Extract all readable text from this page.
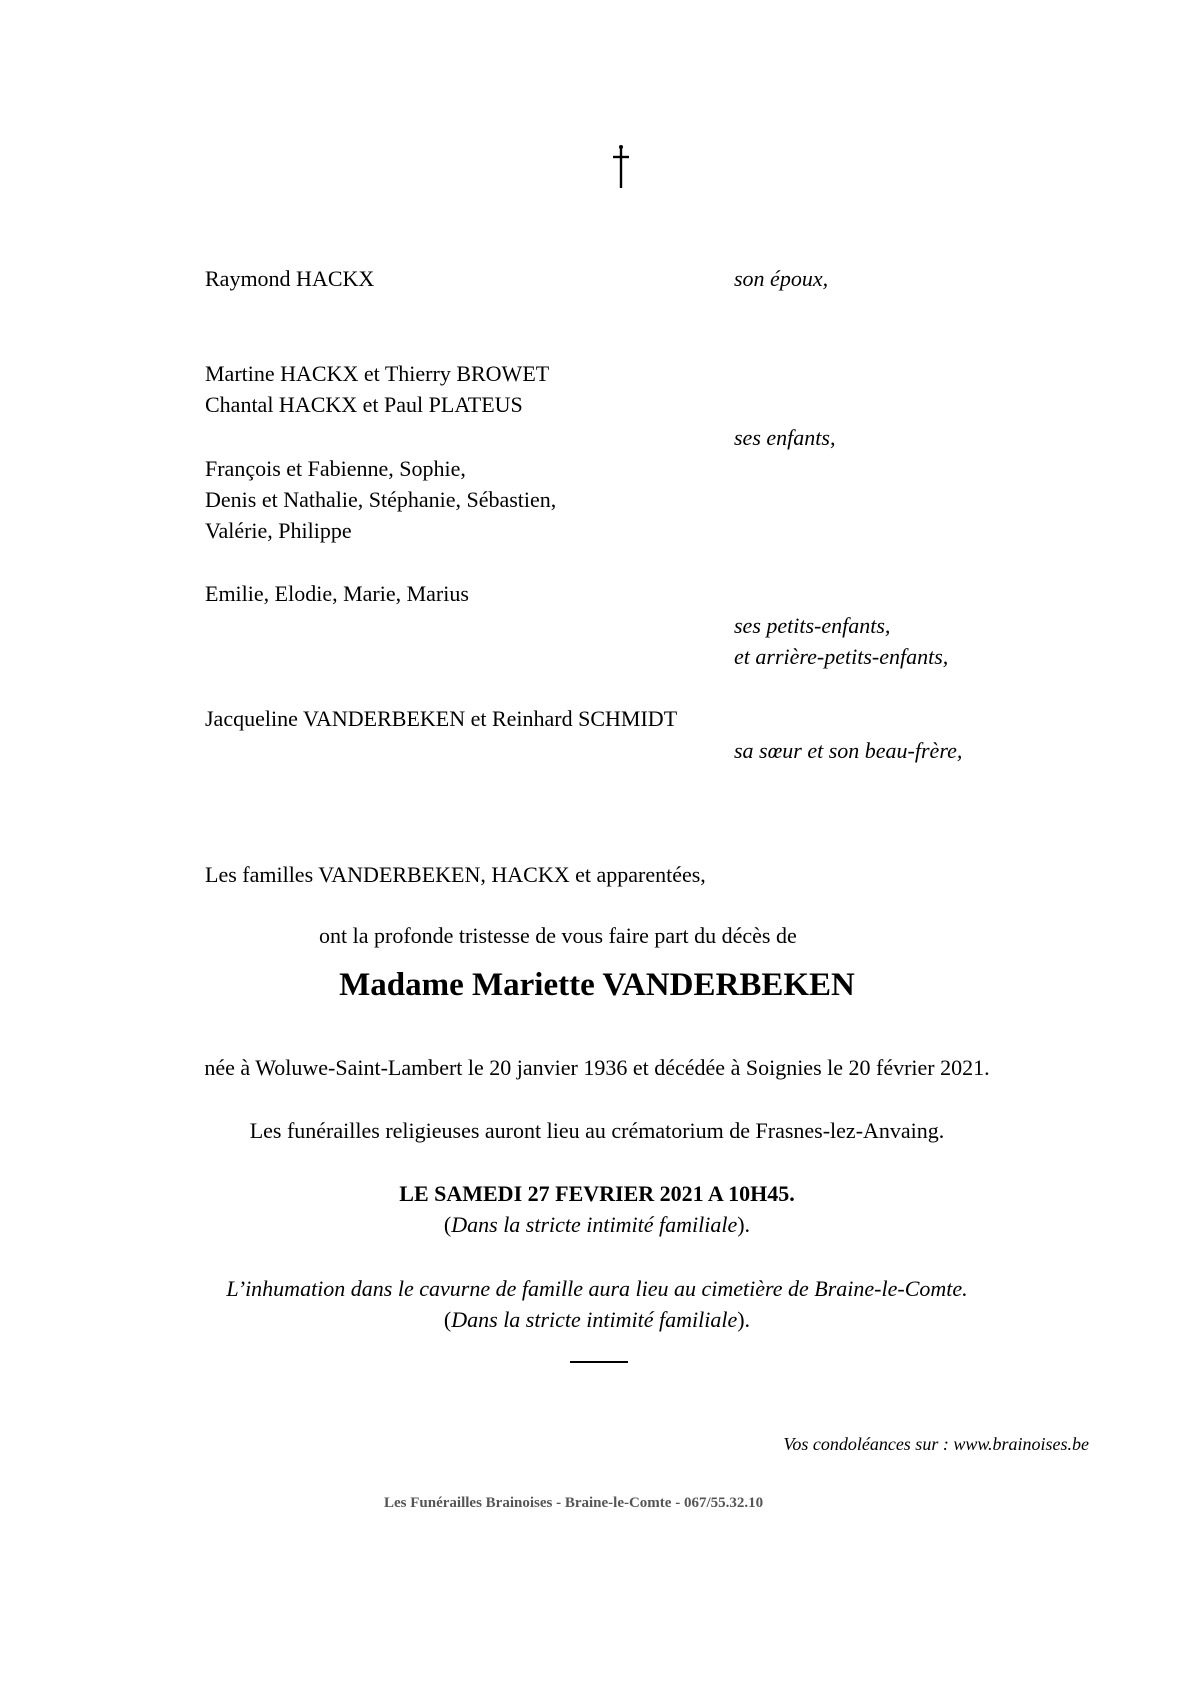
Raymond HACKX	son époux,
Martine HACKX et Thierry BROWET
Chantal HACKX et Paul PLATEUS
ses enfants,
François et Fabienne, Sophie,
Denis et Nathalie, Stéphanie, Sébastien,
Valérie, Philippe
Emilie, Elodie, Marie, Marius
ses petits-enfants,
et arrière-petits-enfants,
Jacqueline VANDERBEKEN et Reinhard SCHMIDT
sa sœur et son beau-frère,
Les familles VANDERBEKEN, HACKX et apparentées,
ont la profonde tristesse de vous faire part du décès de
Madame Mariette VANDERBEKEN
née à Woluwe-Saint-Lambert le 20 janvier 1936 et décédée à Soignies le 20 février 2021.
Les funérailles religieuses auront lieu au crématorium de Frasnes-lez-Anvaing.
LE SAMEDI 27 FEVRIER 2021 A 10H45.
(Dans la stricte intimité familiale).
L’inhumation dans le cavurne de famille aura lieu au cimetière de Braine-le-Comte.
(Dans la stricte intimité familiale).
Vos condoléances sur : www.brainoises.be
Les Funérailles Brainoises - Braine-le-Comte - 067/55.32.10
